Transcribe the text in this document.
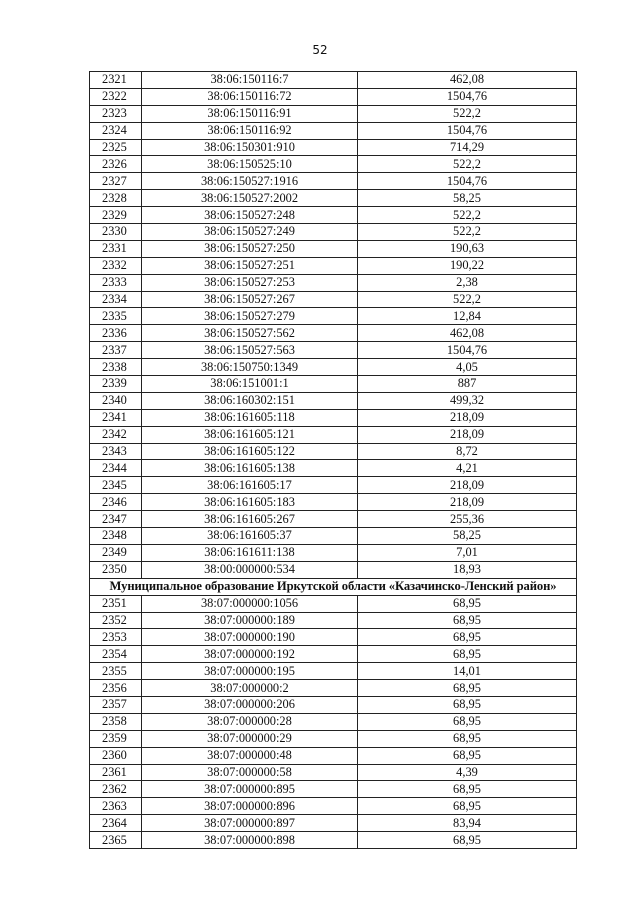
52
2321	38:06:150116:7	462,08
2322	38:06:150116:72	1504,76
2323	38:06:150116:91	522,2
2324	38:06:150116:92	1504,76
2325	38:06:150301:910	714,29
2326	38:06:150525:10	522,2
2327	38:06:150527:1916	1504,76
2328	38:06:150527:2002	58,25
2329	38:06:150527:248	522,2
2330	38:06:150527:249	522,2
2331	38:06:150527:250	190,63
2332	38:06:150527:251	190,22
2333	38:06:150527:253	2,38
2334	38:06:150527:267	522,2
2335	38:06:150527:279	12,84
2336	38:06:150527:562	462,08
2337	38:06:150527:563	1504,76
2338	38:06:150750:1349	4,05
2339	38:06:151001:1	887
2340	38:06:160302:151	499,32
2341	38:06:161605:118	218,09
2342	38:06:161605:121	218,09
2343	38:06:161605:122	8,72
2344	38:06:161605:138	4,21
2345	38:06:161605:17	218,09
2346	38:06:161605:183	218,09
2347	38:06:161605:267	255,36
2348	38:06:161605:37	58,25
2349	38:06:161611:138	7,01
2350	38:00:000000:534	18,93
Муниципальное образование Иркутской области «Казачинско-Ленский район»		
2351	38:07:000000:1056	68,95
2352	38:07:000000:189	68,95
2353	38:07:000000:190	68,95
2354	38:07:000000:192	68,95
2355	38:07:000000:195	14,01
2356	38:07:000000:2	68,95
2357	38:07:000000:206	68,95
2358	38:07:000000:28	68,95
2359	38:07:000000:29	68,95
2360	38:07:000000:48	68,95
2361	38:07:000000:58	4,39
2362	38:07:000000:895	68,95
2363	38:07:000000:896	68,95
2364	38:07:000000:897	83,94
2365	38:07:000000:898	68,95
